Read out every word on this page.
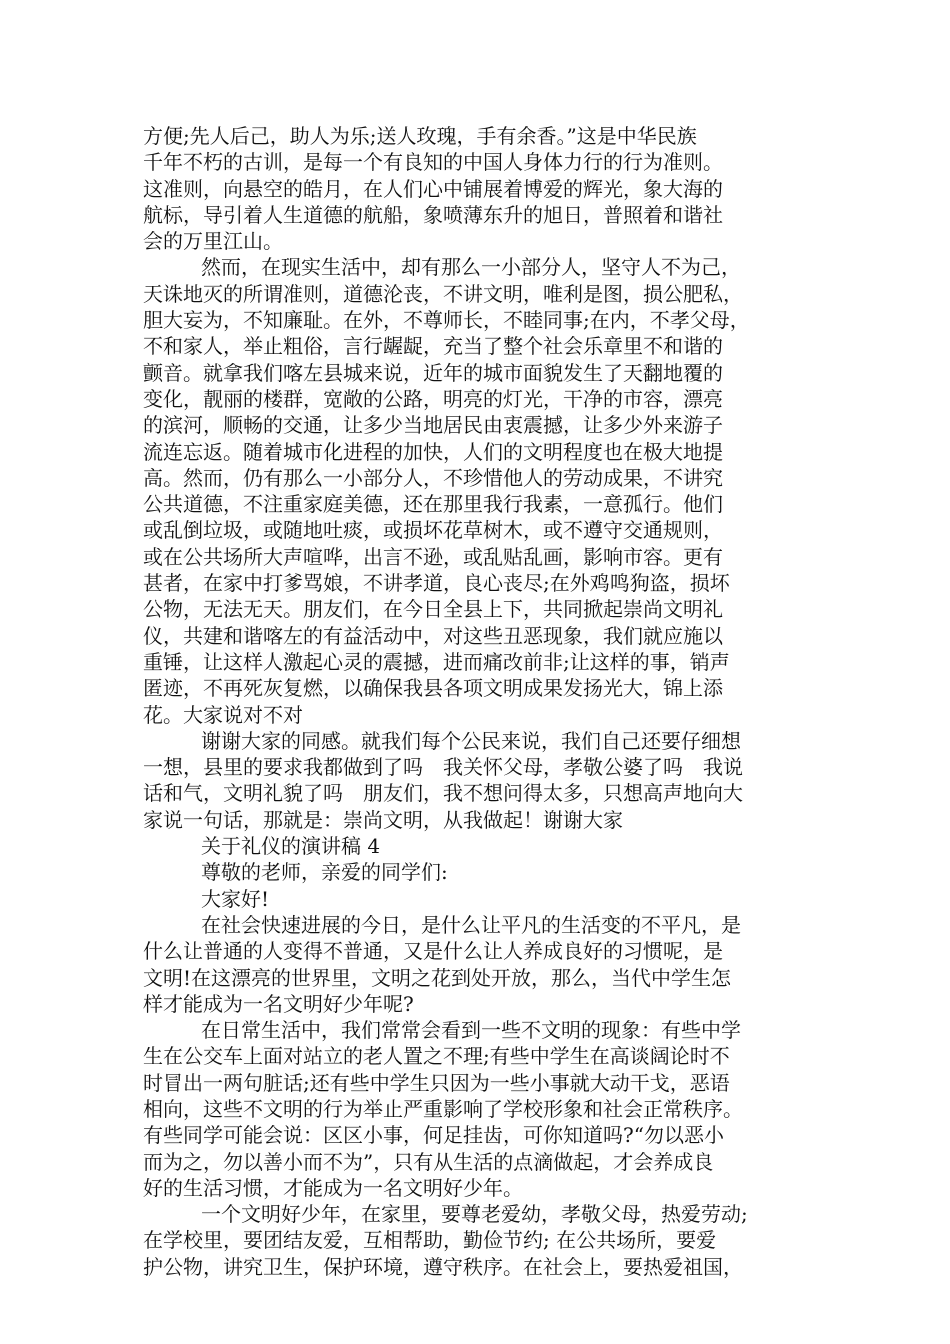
方便;先人后己，助人为乐;送人玫瑰，手有余香。”这是中华民族
千年不朽的古训，是每一个有良知的中国人身体力行的行为准则。
这准则，向悬空的皓月，在人们心中铺展着博爱的辉光，象大海的
航标，导引着人生道德的航船，象喷薄东升的旭日，普照着和谐社
会的万里江山。
然而，在现实生活中，却有那么一小部分人，坚守人不为己，
天诛地灭的所谓准则，道德沦丧，不讲文明，唯利是图，损公肥私，
胆大妄为，不知廉耻。在外，不尊师长，不睦同事;在内，不孝父母，
不和家人，举止粗俗，言行龌龊，充当了整个社会乐章里不和谐的
颤音。就拿我们喀左县城来说，近年的城市面貌发生了天翻地覆的
变化，靓丽的楼群，宽敞的公路，明亮的灯光，干净的市容，漂亮
的滨河，顺畅的交通，让多少当地居民由衷震撼，让多少外来游子
流连忘返。随着城市化进程的加快，人们的文明程度也在极大地提
高。然而，仍有那么一小部分人，不珍惜他人的劳动成果，不讲究
公共道德，不注重家庭美德，还在那里我行我素，一意孤行。他们
或乱倒垃圾，或随地吐痰，或损坏花草树木，或不遵守交通规则，
或在公共场所大声喧哗，出言不逊，或乱贴乱画，影响市容。更有
甚者，在家中打爹骂娘，不讲孝道，良心丧尽;在外鸡鸣狗盗，损坏
公物，无法无天。朋友们，在今日全县上下，共同掀起崇尚文明礼
仪，共建和谐喀左的有益活动中，对这些丑恶现象，我们就应施以
重锤，让这样人激起心灵的震撼，进而痛改前非;让这样的事，销声
匿迹，不再死灰复燃，以确保我县各项文明成果发扬光大，锦上添
花。大家说对不对
谢谢大家的同感。就我们每个公民来说，我们自己还要仔细想
一想，县里的要求我都做到了吗　我关怀父母，孝敬公婆了吗　我说
话和气，文明礼貌了吗　朋友们，我不想问得太多，只想高声地向大
家说一句话，那就是：崇尚文明，从我做起！谢谢大家
关于礼仪的演讲稿 4
尊敬的老师，亲爱的同学们:
大家好!
在社会快速进展的今日，是什么让平凡的生活变的不平凡，是
什么让普通的人变得不普通，又是什么让人养成良好的习惯呢，是
文明!在这漂亮的世界里，文明之花到处开放，那么，当代中学生怎
样才能成为一名文明好少年呢?
在日常生活中，我们常常会看到一些不文明的现象：有些中学
生在公交车上面对站立的老人置之不理;有些中学生在高谈阔论时不
时冒出一两句脏话;还有些中学生只因为一些小事就大动干戈，恶语
相向，这些不文明的行为举止严重影响了学校形象和社会正常秩序。
有些同学可能会说：区区小事，何足挂齿，可你知道吗?“勿以恶小
而为之，勿以善小而不为”，只有从生活的点滴做起，才会养成良
好的生活习惯，才能成为一名文明好少年。
一个文明好少年，在家里，要尊老爱幼，孝敬父母，热爱劳动;
在学校里，要团结友爱，互相帮助，勤俭节约; 在公共场所，要爱
护公物，讲究卫生，保护环境，遵守秩序。在社会上，要热爱祖国，
